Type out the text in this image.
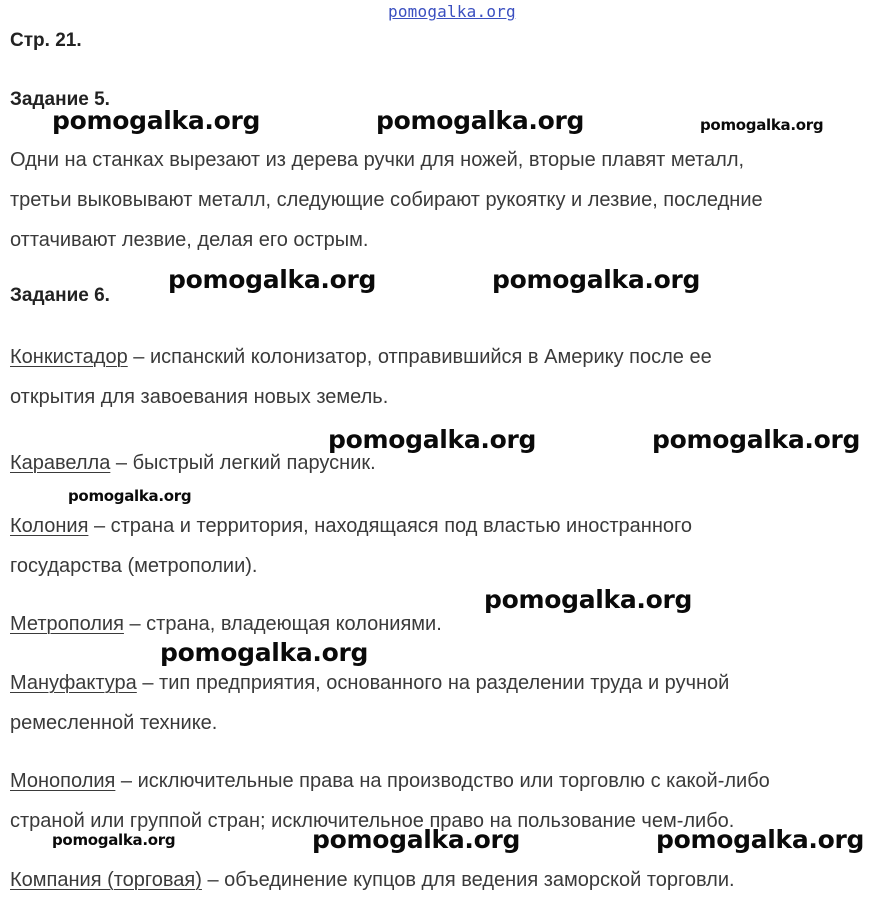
pomogalka.org
Стр. 21.
Задание 5.
Одни на станках вырезают из дерева ручки для ножей, вторые плавят металл,
третьи выковывают металл, следующие собирают рукоятку и лезвие, последние
оттачивают лезвие, делая его острым.
Задание 6.
Конкистадор – испанский колонизатор, отправившийся в Америку после ее
открытия для завоевания новых земель.
Каравелла – быстрый легкий парусник.
Колония – страна и территория, находящаяся под властью иностранного
государства (метрополии).
Метрополия – страна, владеющая колониями.
Мануфактура – тип предприятия, основанного на разделении труда и ручной
ремесленной технике.
Монополия – исключительные права на производство или торговлю с какой-либо
страной или группой стран; исключительное право на пользование чем-либо.
Компания (торговая) – объединение купцов для ведения заморской торговли.
pomogalka.org	pomogalka.org	pomogalka.org
pomogalka.org	pomogalka.org
pomogalka.org	pomogalka.org
pomogalka.org
pomogalka.org
pomogalka.org
pomogalka.org	pomogalka.org	pomogalka.org
